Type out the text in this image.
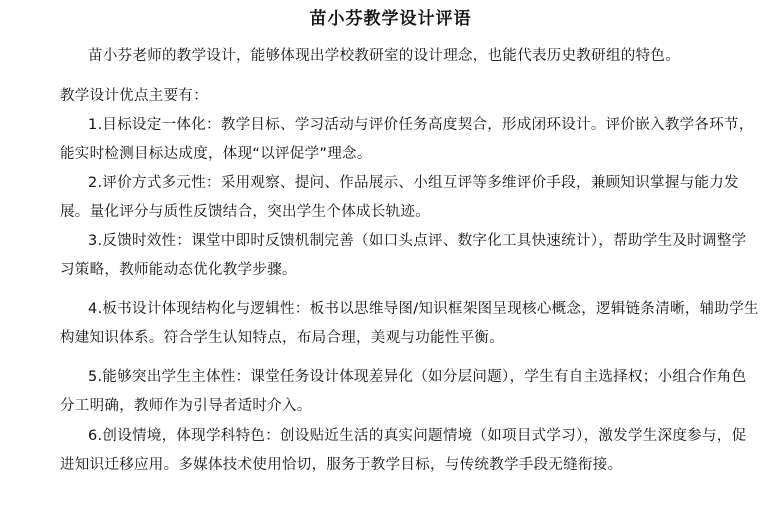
苗小芬教学设计评语
苗小芬老师的教学设计，能够体现出学校教研室的设计理念，也能代表历史教研组的特色。
教学设计优点主要有：
1.目标设定一体化：教学目标、学习活动与评价任务高度契合，形成闭环设计。评价嵌入教学各环节，能实时检测目标达成度，体现“以评促学”理念。
2.评价方式多元性：采用观察、提问、作品展示、小组互评等多维评价手段，兼顾知识掌握与能力发展。量化评分与质性反馈结合，突出学生个体成长轨迹。
3.反馈时效性：课堂中即时反馈机制完善（如口头点评、数字化工具快速统计），帮助学生及时调整学习策略，教师能动态优化教学步骤。
4.板书设计体现结构化与逻辑性：板书以思维导图/知识框架图呈现核心概念，逻辑链条清晰，辅助学生构建知识体系。符合学生认知特点，布局合理，美观与功能性平衡。
5.能够突出学生主体性：课堂任务设计体现差异化（如分层问题），学生有自主选择权；小组合作角色分工明确，教师作为引导者适时介入。
6.创设情境，体现学科特色：创设贴近生活的真实问题情境（如项目式学习），激发学生深度参与，促进知识迁移应用。多媒体技术使用恰切，服务于教学目标，与传统教学手段无缝衔接。
